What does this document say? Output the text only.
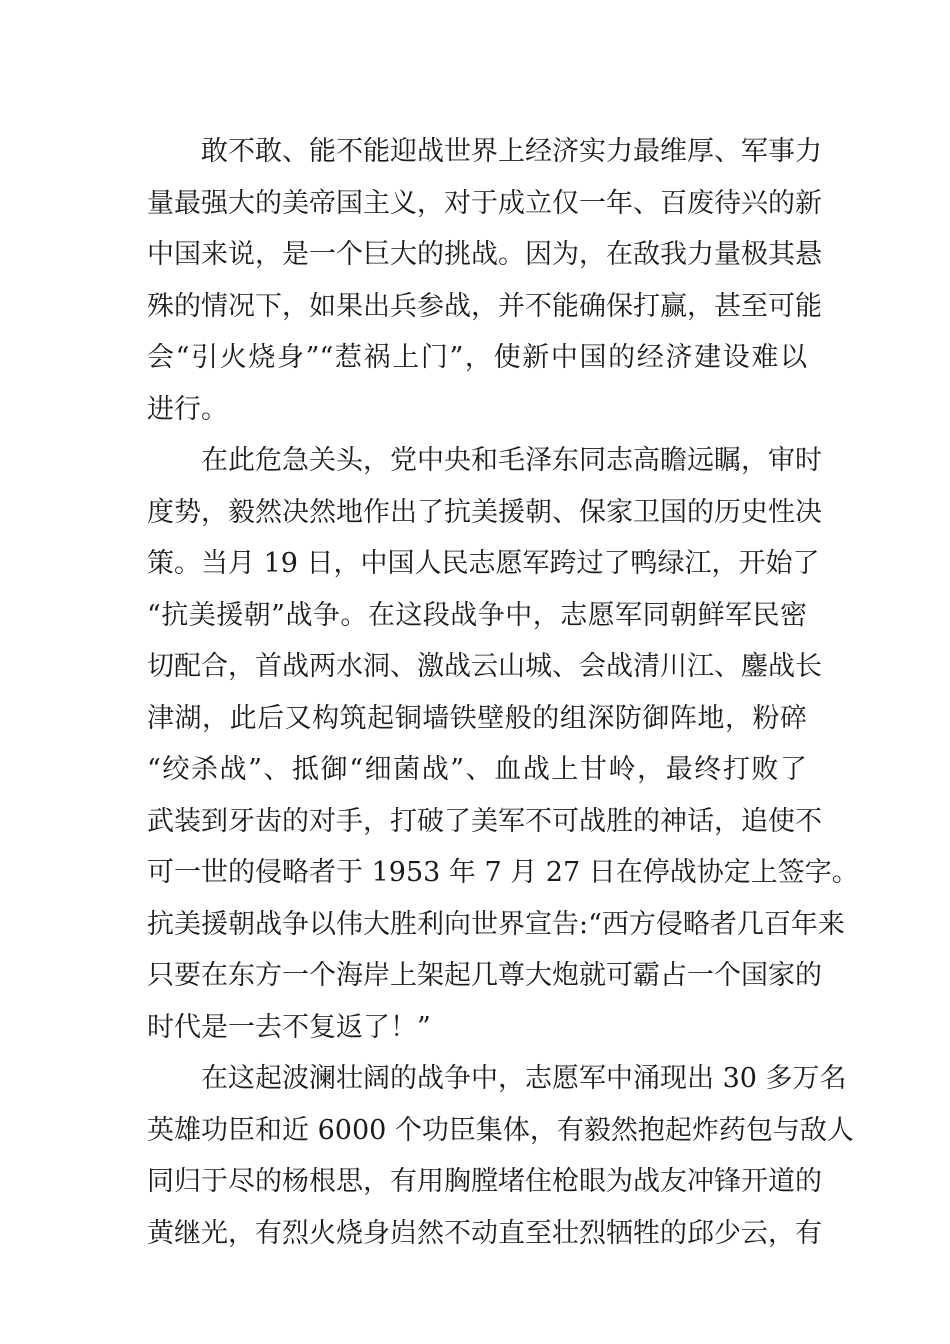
敢不敢、能不能迎战世界上经济实力最维厚、军事力
量最强大的美帝国主义，对于成立仅一年、百废待兴的新
中国来说，是一个巨大的挑战。因为，在敌我力量极其悬
殊的情况下，如果出兵参战，并不能确保打赢，甚至可能
会“引火烧身”“惹祸上门”，使新中国的经济建设难以
进行。
在此危急关头，党中央和毛泽东同志高瞻远瞩，审时
度势，毅然决然地作出了抗美援朝、保家卫国的历史性决
策。当月 19 日，中国人民志愿军跨过了鸭绿江，开始了
“抗美援朝”战争。在这段战争中，志愿军同朝鲜军民密
切配合，首战两水洞、激战云山城、会战清川江、鏖战长
津湖，此后又构筑起铜墙铁壁般的组深防御阵地，粉碎
“绞杀战”、抵御“细菌战”、血战上甘岭，最终打败了
武装到牙齿的对手，打破了美军不可战胜的神话，追使不
可一世的侵略者于 1953 年 7 月 27 日在停战协定上签字。
抗美援朝战争以伟大胜利向世界宣告:“西方侵略者几百年来
只要在东方一个海岸上架起几尊大炮就可霸占一个国家的
时代是一去不复返了！”
在这起波澜壮阔的战争中，志愿军中涌现出 30 多万名
英雄功臣和近 6000 个功臣集体，有毅然抱起炸药包与敌人
同归于尽的杨根思，有用胸膛堵住枪眼为战友冲锋开道的
黄继光，有烈火烧身岿然不动直至壮烈牺牲的邱少云，有
